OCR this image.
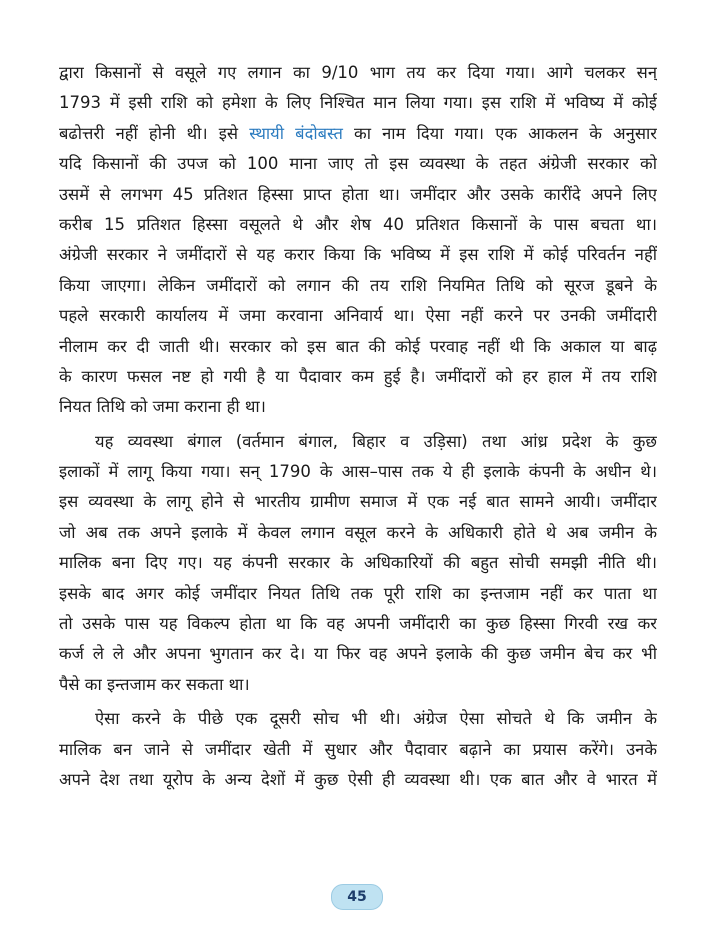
द्वारा किसानों से वसूले गए लगान का 9/10 भाग तय कर दिया गया। आगे चलकर सन्
1793 में इसी राशि को हमेशा के लिए निश्चित मान लिया गया। इस राशि में भविष्य में कोई
बढोत्तरी नहीं होनी थी। इसे स्थायी बंदोबस्त का नाम दिया गया। एक आकलन के अनुसार
यदि किसानों की उपज को 100 माना जाए तो इस व्यवस्था के तहत अंग्रेजी सरकार को
उसमें से लगभग 45 प्रतिशत हिस्सा प्राप्त होता था। जमींदार और उसके कारींदे अपने लिए
करीब 15 प्रतिशत हिस्सा वसूलते थे और शेष 40 प्रतिशत किसानों के पास बचता था।
अंग्रेजी सरकार ने जमींदारों से यह करार किया कि भविष्य में इस राशि में कोई परिवर्तन नहीं
किया जाएगा। लेकिन जमींदारों को लगान की तय राशि नियमित तिथि को सूरज डूबने के
पहले सरकारी कार्यालय में जमा करवाना अनिवार्य था। ऐसा नहीं करने पर उनकी जमींदारी
नीलाम कर दी जाती थी। सरकार को इस बात की कोई परवाह नहीं थी कि अकाल या बाढ़
के कारण फसल नष्ट हो गयी है या पैदावार कम हुई है। जमींदारों को हर हाल में तय राशि
नियत तिथि को जमा कराना ही था।
यह व्यवस्था बंगाल (वर्तमान बंगाल, बिहार व उड़िसा) तथा आंध्र प्रदेश के कुछ
इलाकों में लागू किया गया। सन् 1790 के आस–पास तक ये ही इलाके कंपनी के अधीन थे।
इस व्यवस्था के लागू होने से भारतीय ग्रामीण समाज में एक नई बात सामने आयी। जमींदार
जो अब तक अपने इलाके में केवल लगान वसूल करने के अधिकारी होते थे अब जमीन के
मालिक बना दिए गए। यह कंपनी सरकार के अधिकारियों की बहुत सोची समझी नीति थी।
इसके बाद अगर कोई जमींदार नियत तिथि तक पूरी राशि का इन्तजाम नहीं कर पाता था
तो उसके पास यह विकल्प होता था कि वह अपनी जमींदारी का कुछ हिस्सा गिरवी रख कर
कर्ज ले ले और अपना भुगतान कर दे। या फिर वह अपने इलाके की कुछ जमीन बेच कर भी
पैसे का इन्तजाम कर सकता था।
ऐसा करने के पीछे एक दूसरी सोच भी थी। अंग्रेज ऐसा सोचते थे कि जमीन के
मालिक बन जाने से जमींदार खेती में सुधार और पैदावार बढ़ाने का प्रयास करेंगे। उनके
अपने देश तथा यूरोप के अन्य देशों में कुछ ऐसी ही व्यवस्था थी। एक बात और वे भारत में
45
